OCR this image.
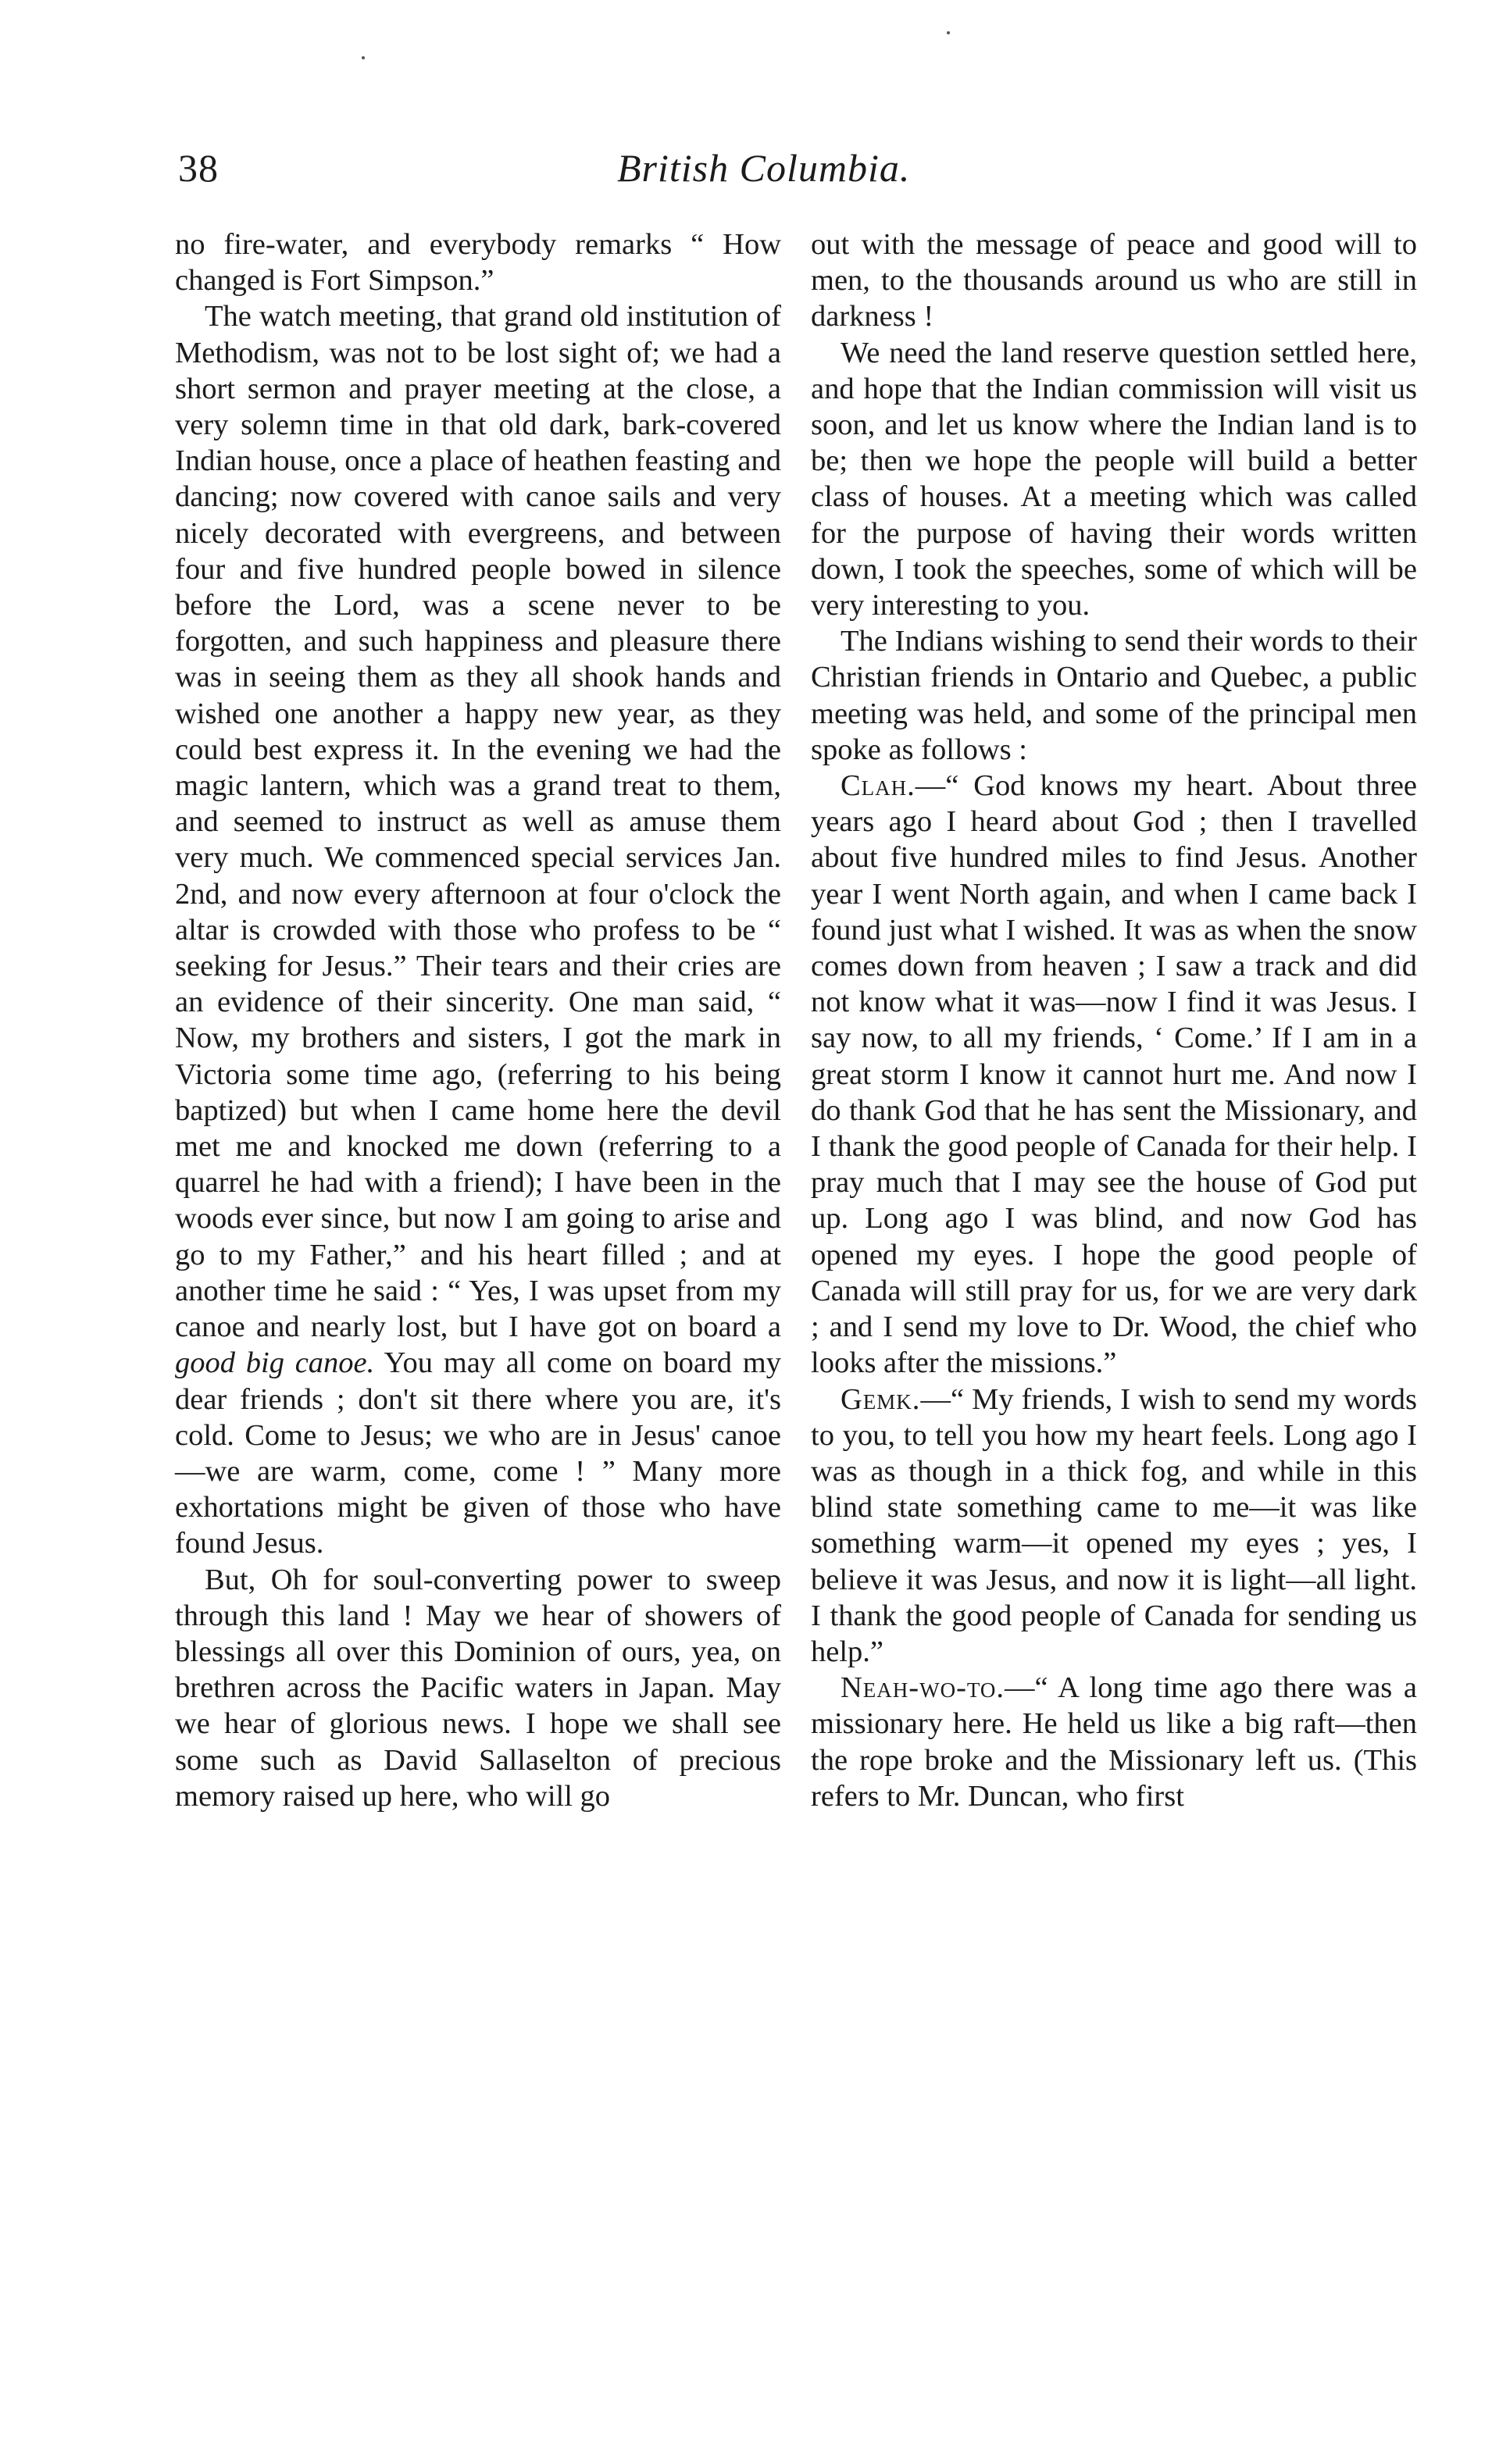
38	British Columbia.

no fire-water, and everybody remarks “ How changed is Fort Simpson.”

The watch meeting, that grand old institution of Methodism, was not to be lost sight of; we had a short sermon and prayer meeting at the close, a very solemn time in that old dark, bark-covered Indian house, once a place of heathen feasting and dancing; now covered with canoe sails and very nicely decorated with evergreens, and between four and five hundred people bowed in silence before the Lord, was a scene never to be forgotten, and such happiness and pleasure there was in seeing them as they all shook hands and wished one another a happy new year, as they could best express it. In the evening we had the magic lantern, which was a grand treat to them, and seemed to instruct as well as amuse them very much. We commenced special services Jan. 2nd, and now every afternoon at four o'clock the altar is crowded with those who profess to be “ seeking for Jesus.” Their tears and their cries are an evidence of their sincerity. One man said, “ Now, my brothers and sisters, I got the mark in Victoria some time ago, (referring to his being baptized) but when I came home here the devil met me and knocked me down (referring to a quarrel he had with a friend); I have been in the woods ever since, but now I am going to arise and go to my Father,” and his heart filled ; and at another time he said : “ Yes, I was upset from my canoe and nearly lost, but I have got on board a good big canoe. You may all come on board my dear friends ; don't sit there where you are, it's cold. Come to Jesus; we who are in Jesus' canoe—we are warm, come, come ! ” Many more exhortations might be given of those who have found Jesus.

But, Oh for soul-converting power to sweep through this land ! May we hear of showers of blessings all over this Dominion of ours, yea, on brethren across the Pacific waters in Japan. May we hear of glorious news. I hope we shall see some such as David Sallaselton of precious memory raised up here, who will go

out with the message of peace and good will to men, to the thousands around us who are still in darkness !

We need the land reserve question settled here, and hope that the Indian commission will visit us soon, and let us know where the Indian land is to be; then we hope the people will build a better class of houses. At a meeting which was called for the purpose of having their words written down, I took the speeches, some of which will be very interesting to you.

The Indians wishing to send their words to their Christian friends in Ontario and Quebec, a public meeting was held, and some of the principal men spoke as follows :

Clah.—“ God knows my heart. About three years ago I heard about God ; then I travelled about five hundred miles to find Jesus. Another year I went North again, and when I came back I found just what I wished. It was as when the snow comes down from heaven ; I saw a track and did not know what it was—now I find it was Jesus. I say now, to all my friends, ‘ Come.’ If I am in a great storm I know it cannot hurt me. And now I do thank God that he has sent the Missionary, and I thank the good people of Canada for their help. I pray much that I may see the house of God put up. Long ago I was blind, and now God has opened my eyes. I hope the good people of Canada will still pray for us, for we are very dark ; and I send my love to Dr. Wood, the chief who looks after the missions.”

Gemk.—“ My friends, I wish to send my words to you, to tell you how my heart feels. Long ago I was as though in a thick fog, and while in this blind state something came to me—it was like something warm—it opened my eyes ; yes, I believe it was Jesus, and now it is light—all light. I thank the good people of Canada for sending us help.”

Neah-wo-to.—“ A long time ago there was a missionary here. He held us like a big raft—then the rope broke and the Missionary left us. (This refers to Mr. Duncan, who first
